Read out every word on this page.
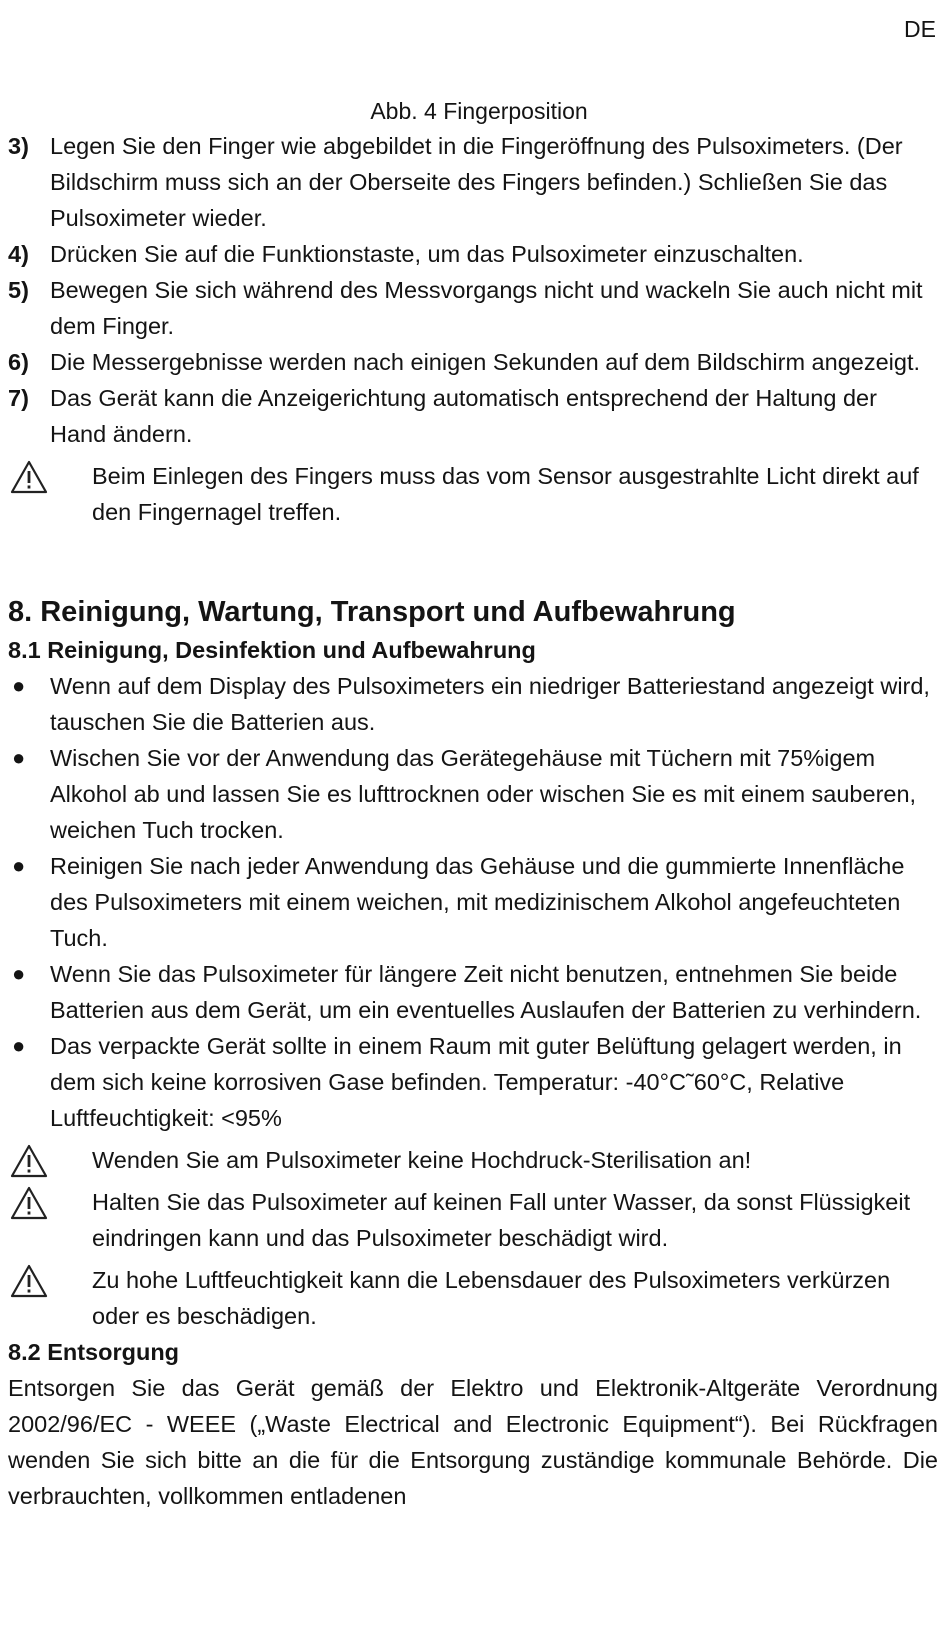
DE
Abb. 4 Fingerposition
3) Legen Sie den Finger wie abgebildet in die Fingeröffnung des Pulsoximeters. (Der Bildschirm muss sich an der Oberseite des Fingers befinden.) Schließen Sie das Pulsoximeter wieder.
4) Drücken Sie auf die Funktionstaste, um das Pulsoximeter einzuschalten.
5) Bewegen Sie sich während des Messvorgangs nicht und wackeln Sie auch nicht mit dem Finger.
6) Die Messergebnisse werden nach einigen Sekunden auf dem Bildschirm angezeigt.
7) Das Gerät kann die Anzeigerichtung automatisch entsprechend der Haltung der Hand ändern.
Beim Einlegen des Fingers muss das vom Sensor ausgestrahlte Licht direkt auf den Fingernagel treffen.
8. Reinigung, Wartung, Transport und Aufbewahrung
8.1 Reinigung, Desinfektion und Aufbewahrung
● Wenn auf dem Display des Pulsoximeters ein niedriger Batteriestand angezeigt wird, tauschen Sie die Batterien aus.
● Wischen Sie vor der Anwendung das Gerätegehäuse mit Tüchern mit 75%igem Alkohol ab und lassen Sie es lufttrocknen oder wischen Sie es mit einem sauberen, weichen Tuch trocken.
● Reinigen Sie nach jeder Anwendung das Gehäuse und die gummierte Innenfläche des Pulsoximeters mit einem weichen, mit medizinischem Alkohol angefeuchteten Tuch.
● Wenn Sie das Pulsoximeter für längere Zeit nicht benutzen, entnehmen Sie beide Batterien aus dem Gerät, um ein eventuelles Auslaufen der Batterien zu verhindern.
● Das verpackte Gerät sollte in einem Raum mit guter Belüftung gelagert werden, in dem sich keine korrosiven Gase befinden. Temperatur: -40°C˜60°C, Relative Luftfeuchtigkeit: <95%
Wenden Sie am Pulsoximeter keine Hochdruck-Sterilisation an!
Halten Sie das Pulsoximeter auf keinen Fall unter Wasser, da sonst Flüssigkeit eindringen kann und das Pulsoximeter beschädigt wird.
Zu hohe Luftfeuchtigkeit kann die Lebensdauer des Pulsoximeters verkürzen oder es beschädigen.
8.2 Entsorgung
Entsorgen Sie das Gerät gemäß der Elektro und Elektronik-Altgeräte Verordnung 2002/96/EC - WEEE („Waste Electrical and Electronic Equipment“). Bei Rückfragen wenden Sie sich bitte an die für die Entsorgung zuständige kommunale Behörde. Die verbrauchten, vollkommen entladenen
